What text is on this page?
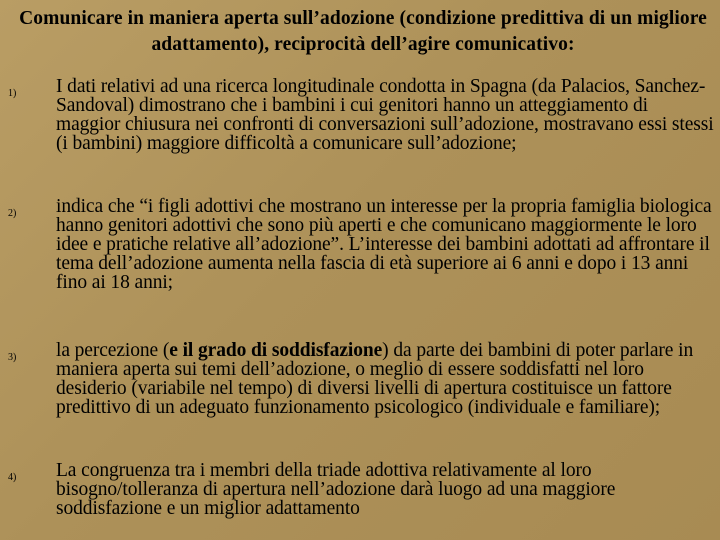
Comunicare in maniera aperta sull’adozione (condizione predittiva di un migliore adattamento), reciprocità dell’agire comunicativo:
1) I dati relativi ad una ricerca longitudinale condotta in Spagna (da Palacios, Sanchez-Sandoval) dimostrano che i bambini i cui genitori hanno un atteggiamento di maggior chiusura nei confronti di conversazioni sull’adozione, mostravano essi stessi (i bambini) maggiore difficoltà a comunicare sull’adozione;
2) indica che “i figli adottivi che mostrano un interesse per la propria famiglia biologica hanno genitori adottivi che sono più aperti e che comunicano maggiormente le loro idee e pratiche relative all’adozione”. L’interesse dei bambini adottati ad affrontare il tema dell’adozione aumenta nella fascia di età superiore ai 6 anni e dopo i 13 anni fino ai 18 anni;
3) la percezione (e il grado di soddisfazione) da parte dei bambini di poter parlare in maniera aperta sui temi dell’adozione, o meglio di essere soddisfatti nel loro desiderio (variabile nel tempo) di diversi livelli di apertura costituisce un fattore predittivo di un adeguato funzionamento psicologico (individuale e familiare);
4) La congruenza tra i membri della triade adottiva relativamente al loro bisogno/tolleranza di apertura nell’adozione darà luogo ad una maggiore soddisfazione e un miglior adattamento
